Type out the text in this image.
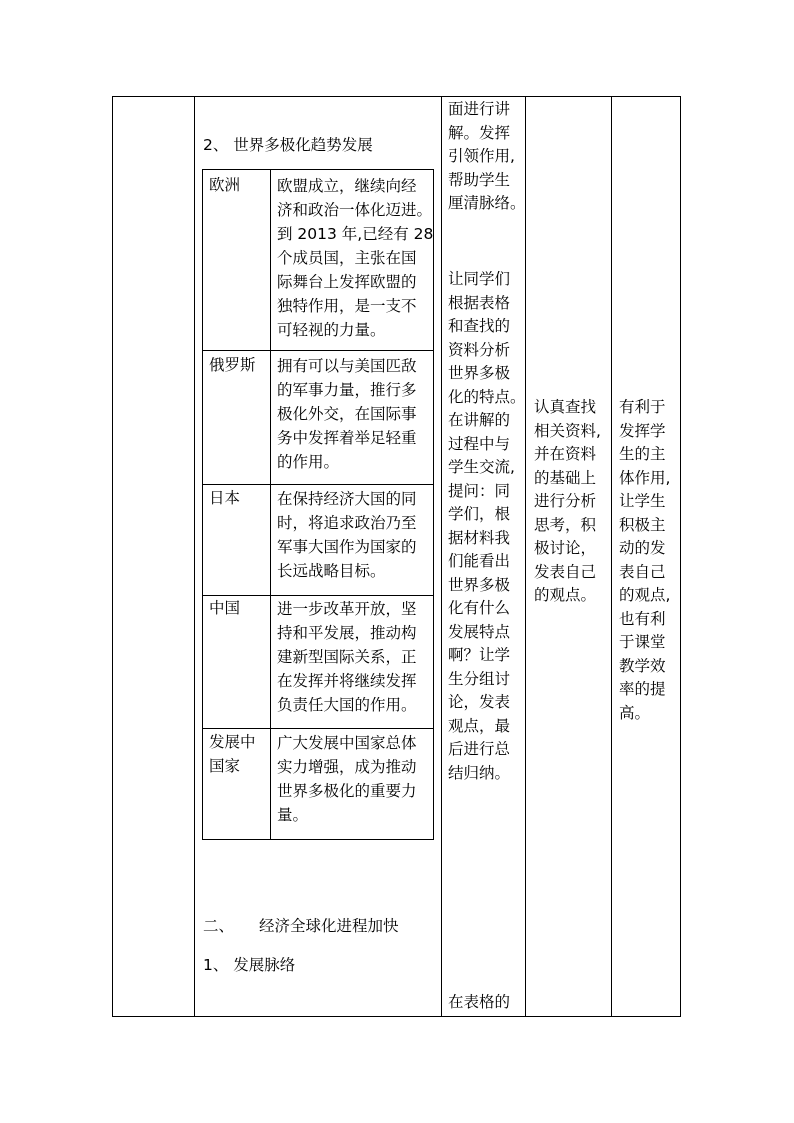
2、 世界多极化趋势发展
欧洲 欧盟成立，继续向经
济和政治一体化迈进。
到 2013 年,已经有 28
个成员国，主张在国
际舞台上发挥欧盟的
独特作用，是一支不
可轻视的力量。
俄罗斯 拥有可以与美国匹敌
的军事力量，推行多
极化外交，在国际事
务中发挥着举足轻重
的作用。
日本 在保持经济大国的同
时，将追求政治乃至
军事大国作为国家的
长远战略目标。
中国 进一步改革开放，坚
持和平发展，推动构
建新型国际关系，正
在发挥并将继续发挥
负责任大国的作用。
发展中
国家
广大发展中国家总体
实力增强，成为推动
世界多极化的重要力
量。
二、 经济全球化进程加快
1、 发展脉络
面进行讲
解。发挥
引领作用,
帮助学生
厘清脉络。
让同学们
根据表格
和查找的
资料分析
世界多极
化的特点。
在讲解的
过程中与
学生交流,
提问：同
学们，根
据材料我
们能看出
世界多极
化有什么
发展特点
啊？让学
生分组讨
论，发表
观点，最
后进行总
结归纳。
在表格的
认真查找
相关资料,
并在资料
的基础上
进行分析
思考，积
极讨论，
发表自己
的观点。
有利于
发挥学
生的主
体作用,
让学生
积极主
动的发
表自己
的观点,
也有利
于课堂
教学效
率的提
高。
